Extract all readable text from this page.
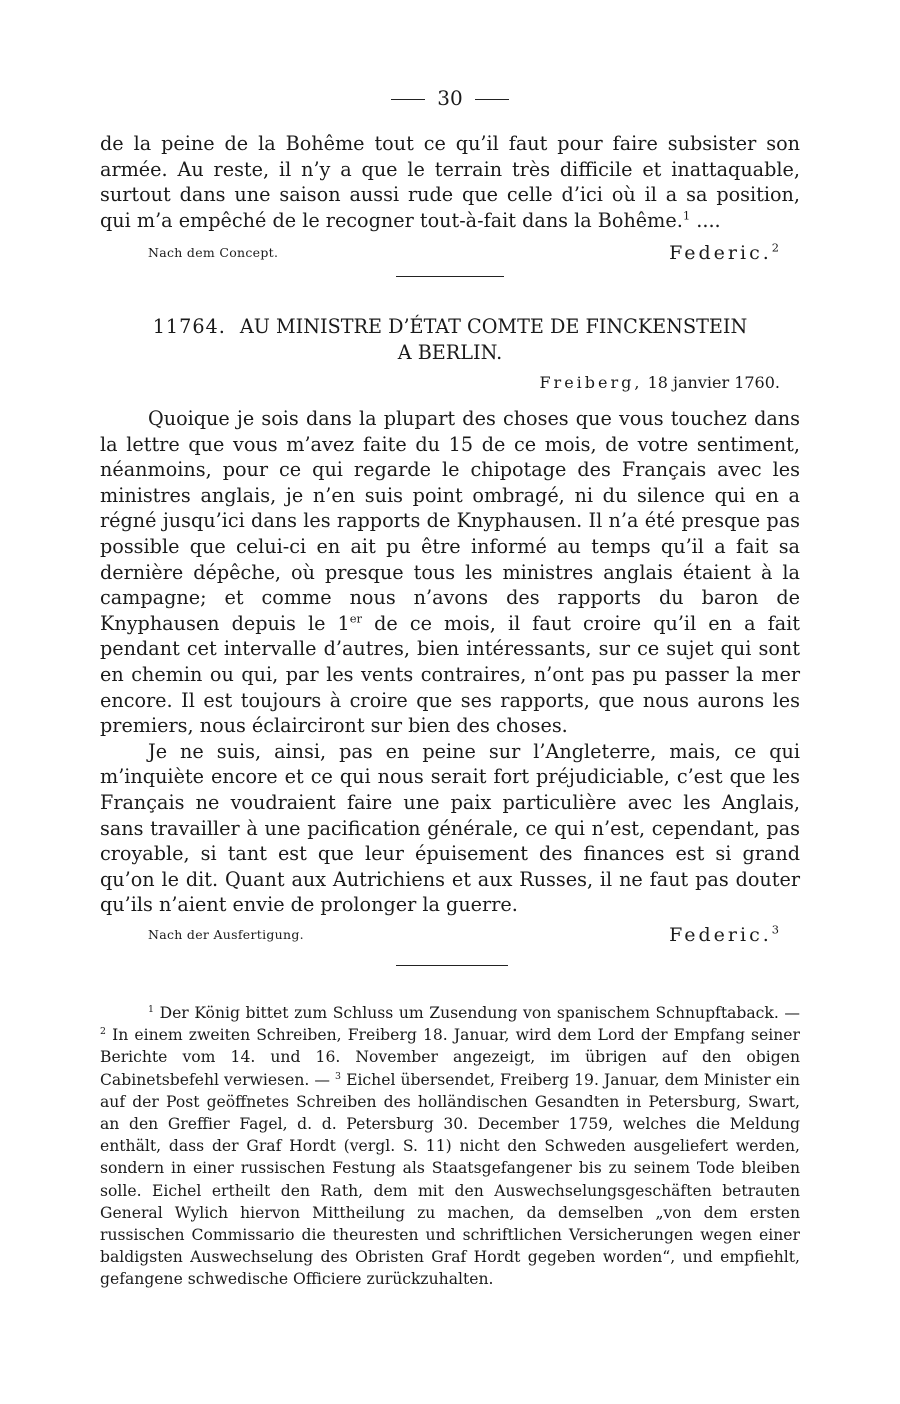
30

de la peine de la Bohême tout ce qu’il faut pour faire subsister son armée. Au reste, il n’y a que le terrain très difficile et inattaquable, surtout dans une saison aussi rude que celle d’ici où il a sa position, qui m’a empêché de le recogner tout-à-fait dans la Bohême.$^1$ ....

Nach dem Concept.	Federic.$^2$
11764. AU MINISTRE D’ÉTAT COMTE DE FINCKENSTEIN
A BERLIN.
Freiberg, 18 janvier 1760.

Quoique je sois dans la plupart des choses que vous touchez dans la lettre que vous m’avez faite du 15 de ce mois, de votre sentiment, néanmoins, pour ce qui regarde le chipotage des Français avec les ministres anglais, je n’en suis point ombragé, ni du silence qui en a régné jusqu’ici dans les rapports de Knyphausen. Il n’a été presque pas possible que celui-ci en ait pu être informé au temps qu’il a fait sa dernière dépêche, où presque tous les ministres anglais étaient à la campagne; et comme nous n’avons des rapports du baron de Knyphausen depuis le 1er de ce mois, il faut croire qu’il en a fait pendant cet intervalle d’autres, bien intéressants, sur ce sujet qui sont en chemin ou qui, par les vents contraires, n’ont pas pu passer la mer encore. Il est toujours à croire que ses rapports, que nous aurons les premiers, nous éclairciront sur bien des choses.

Je ne suis, ainsi, pas en peine sur l’Angleterre, mais, ce qui m’inquiète encore et ce qui nous serait fort préjudiciable, c’est que les Français ne voudraient faire une paix particulière avec les Anglais, sans travailler à une pacification générale, ce qui n’est, cependant, pas croyable, si tant est que leur épuisement des finances est si grand qu’on le dit. Quant aux Autrichiens et aux Russes, il ne faut pas douter qu’ils n’aient envie de prolonger la guerre.

Nach der Ausfertigung.	Federic.$^3$

$^1$ Der König bittet zum Schluss um Zusendung von spanischem Schnupftaback. — $^2$ In einem zweiten Schreiben, Freiberg 18. Januar, wird dem Lord der Empfang seiner Berichte vom 14. und 16. November angezeigt, im übrigen auf den obigen Cabinetsbefehl verwiesen. — $^3$ Eichel übersendet, Freiberg 19. Januar, dem Minister ein auf der Post geöffnetes Schreiben des holländischen Gesandten in Petersburg, Swart, an den Greffier Fagel, d. d. Petersburg 30. December 1759, welches die Meldung enthält, dass der Graf Hordt (vergl. S. 11) nicht den Schweden ausgeliefert werden, sondern in einer russischen Festung als Staatsgefangener bis zu seinem Tode bleiben solle. Eichel ertheilt den Rath, dem mit den Auswechselungsgeschäften betrauten General Wylich hiervon Mittheilung zu machen, da demselben „von dem ersten russischen Commissario die theuresten und schriftlichen Versicherungen wegen einer baldigsten Auswechselung des Obristen Graf Hordt gegeben worden“, und empfiehlt, gefangene schwedische Officiere zurückzuhalten.
